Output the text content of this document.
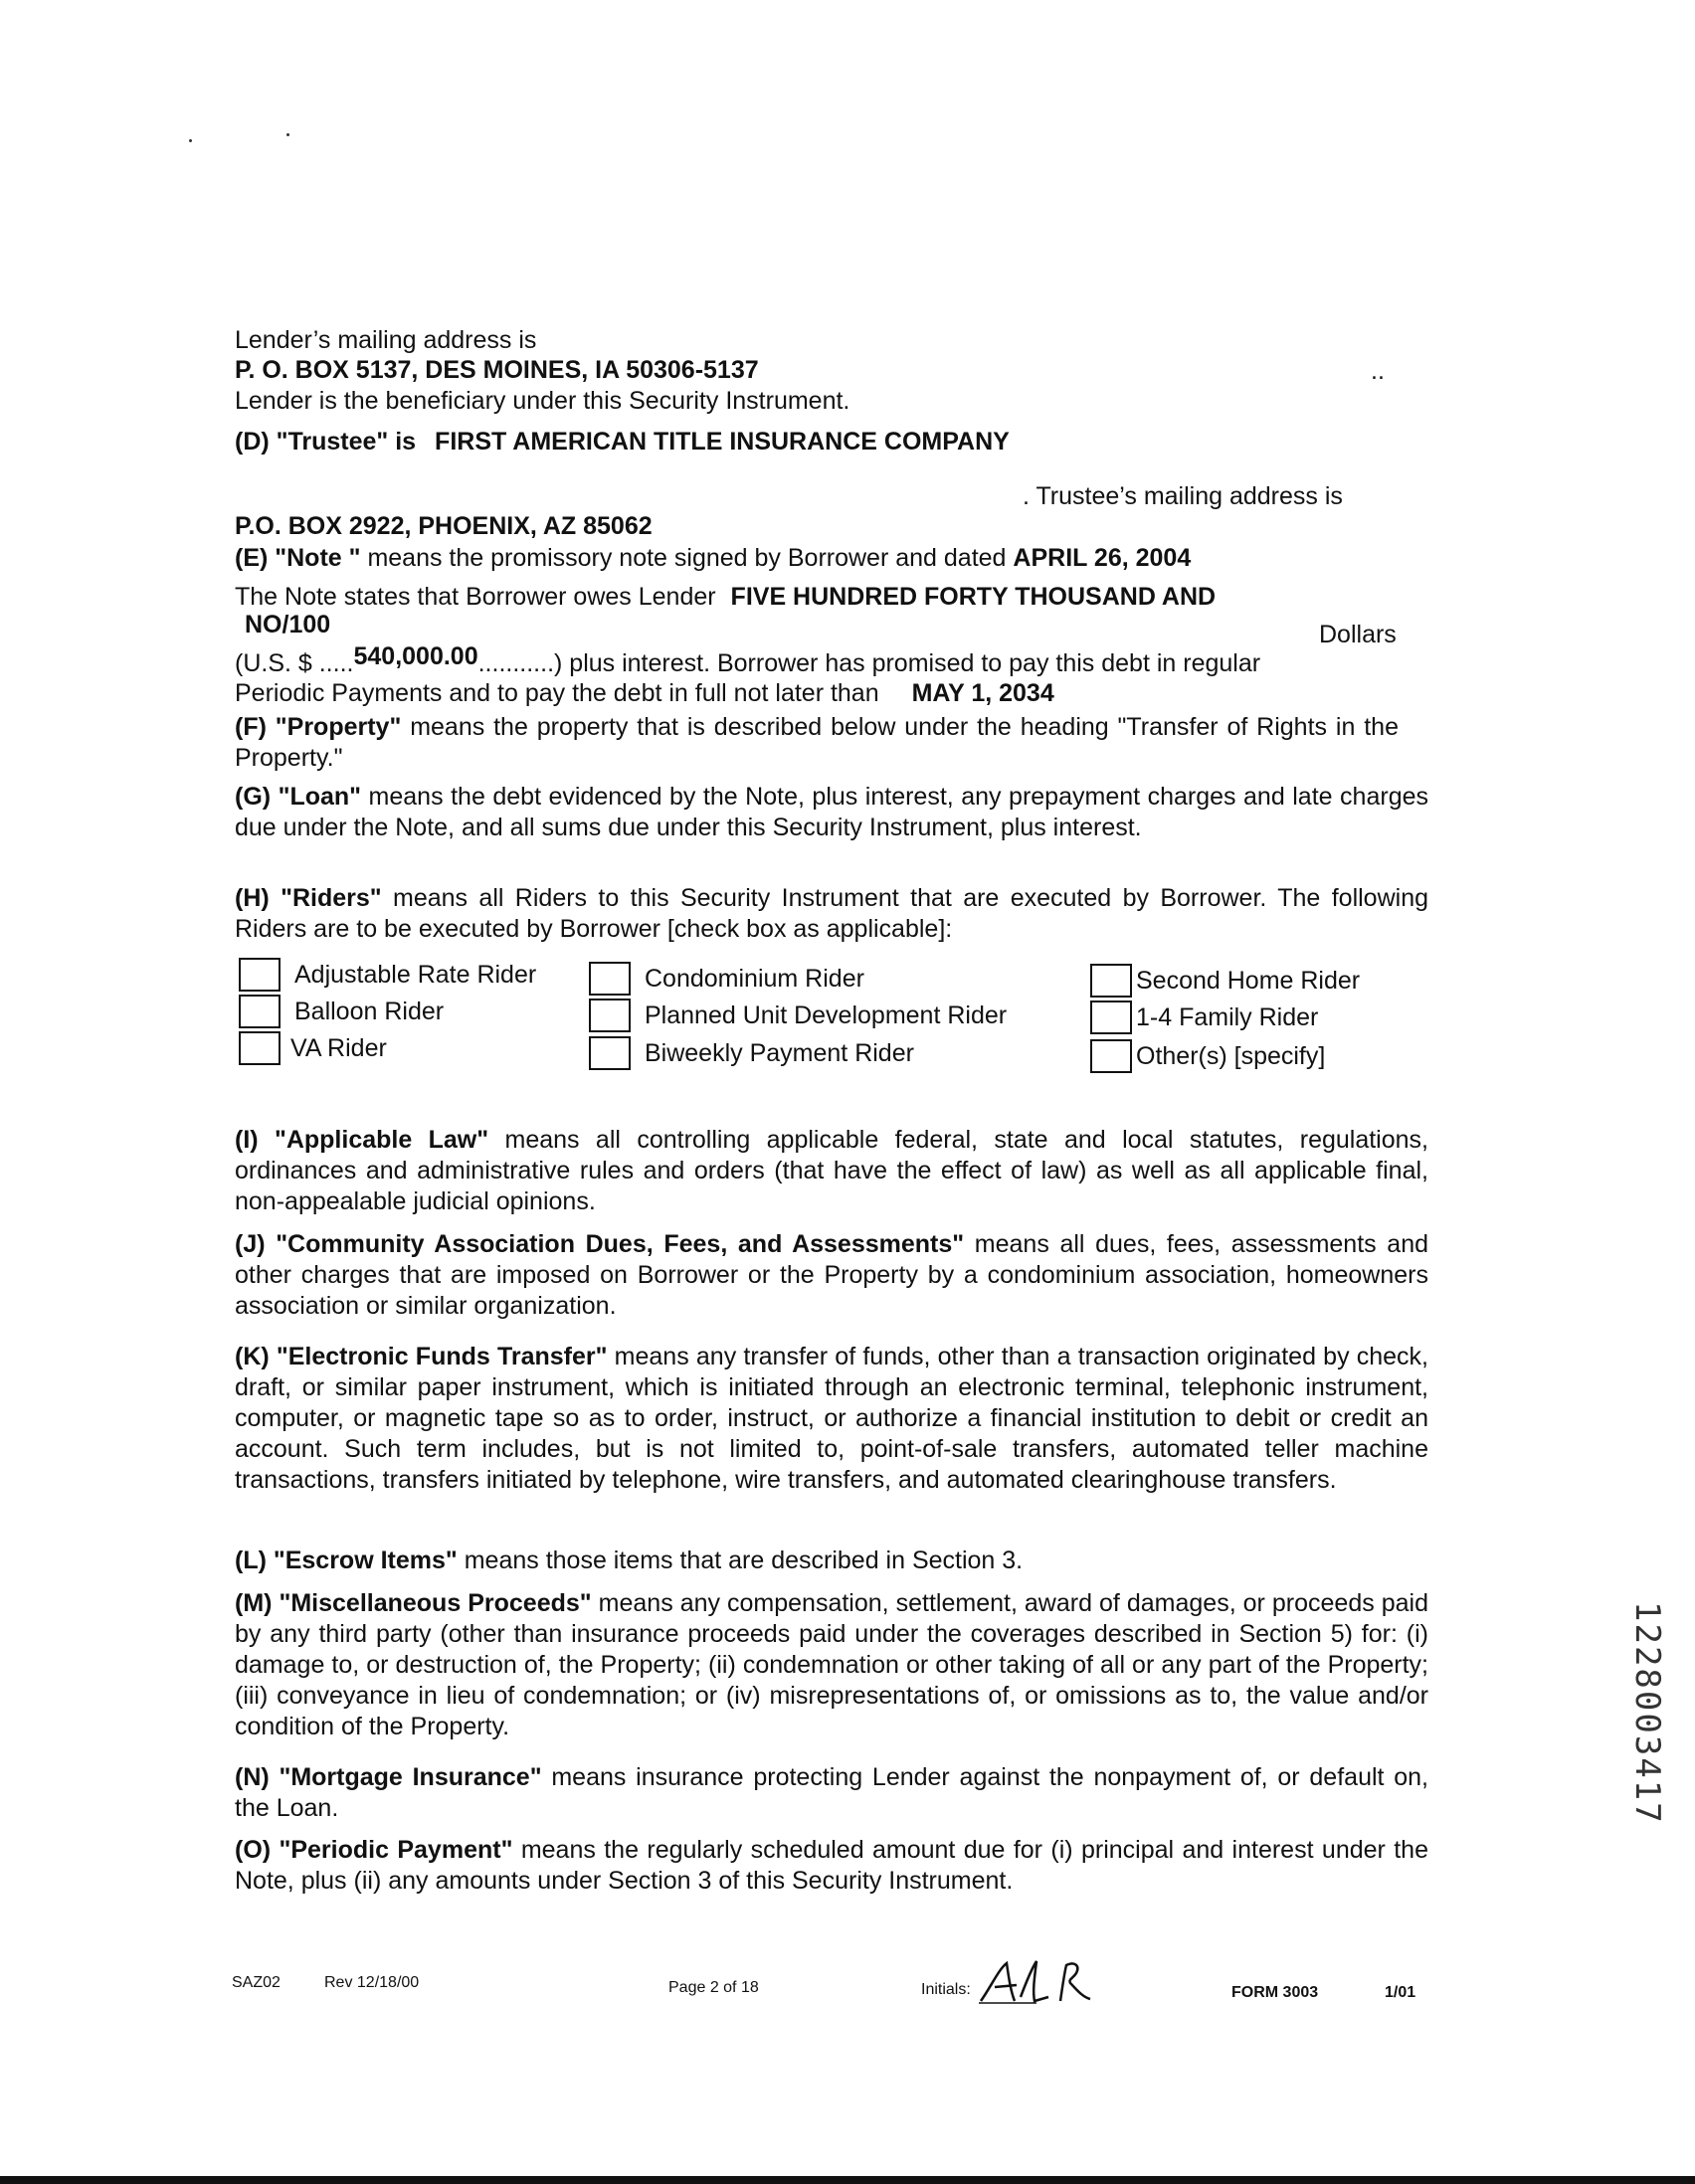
Lender’s mailing address is
P. O. BOX 5137, DES MOINES, IA 50306-5137	..
Lender is the beneficiary under this Security Instrument.
(D) "Trustee" is FIRST AMERICAN TITLE INSURANCE COMPANY
. Trustee’s mailing address is
P.O. BOX 2922, PHOENIX, AZ 85062
(E) "Note " means the promissory note signed by Borrower and dated APRIL 26, 2004
The Note states that Borrower owes Lender FIVE HUNDRED FORTY THOUSAND AND
NO/100	Dollars
(U.S. $ .....540,000.00...........) plus interest. Borrower has promised to pay this debt in regular
Periodic Payments and to pay the debt in full not later than MAY 1, 2034
(F) "Property" means the property that is described below under the heading "Transfer of Rights in the Property."
(G) "Loan" means the debt evidenced by the Note, plus interest, any prepayment charges and late charges due under the Note, and all sums due under this Security Instrument, plus interest.
(H) "Riders" means all Riders to this Security Instrument that are executed by Borrower. The following Riders are to be executed by Borrower [check box as applicable]:
Adjustable Rate Rider	Condominium Rider	Second Home Rider
Balloon Rider	Planned Unit Development Rider	1-4 Family Rider
VA Rider	Biweekly Payment Rider	Other(s) [specify]
(I) "Applicable Law" means all controlling applicable federal, state and local statutes, regulations, ordinances and administrative rules and orders (that have the effect of law) as well as all applicable final, non-appealable judicial opinions.
(J) "Community Association Dues, Fees, and Assessments" means all dues, fees, assessments and other charges that are imposed on Borrower or the Property by a condominium association, homeowners association or similar organization.
(K) "Electronic Funds Transfer" means any transfer of funds, other than a transaction originated by check, draft, or similar paper instrument, which is initiated through an electronic terminal, telephonic instrument, computer, or magnetic tape so as to order, instruct, or authorize a financial institution to debit or credit an account. Such term includes, but is not limited to, point-of-sale transfers, automated teller machine transactions, transfers initiated by telephone, wire transfers, and automated clearinghouse transfers.
(L) "Escrow Items" means those items that are described in Section 3.
(M) "Miscellaneous Proceeds" means any compensation, settlement, award of damages, or proceeds paid by any third party (other than insurance proceeds paid under the coverages described in Section 5) for: (i) damage to, or destruction of, the Property; (ii) condemnation or other taking of all or any part of the Property; (iii) conveyance in lieu of condemnation; or (iv) misrepresentations of, or omissions as to, the value and/or condition of the Property.
(N) "Mortgage Insurance" means insurance protecting Lender against the nonpayment of, or default on, the Loan.
(O) "Periodic Payment" means the regularly scheduled amount due for (i) principal and interest under the Note, plus (ii) any amounts under Section 3 of this Security Instrument.
SAZ02	Rev 12/18/00	Page 2 of 18	Initials:	FORM 3003	1/01
1228003417
